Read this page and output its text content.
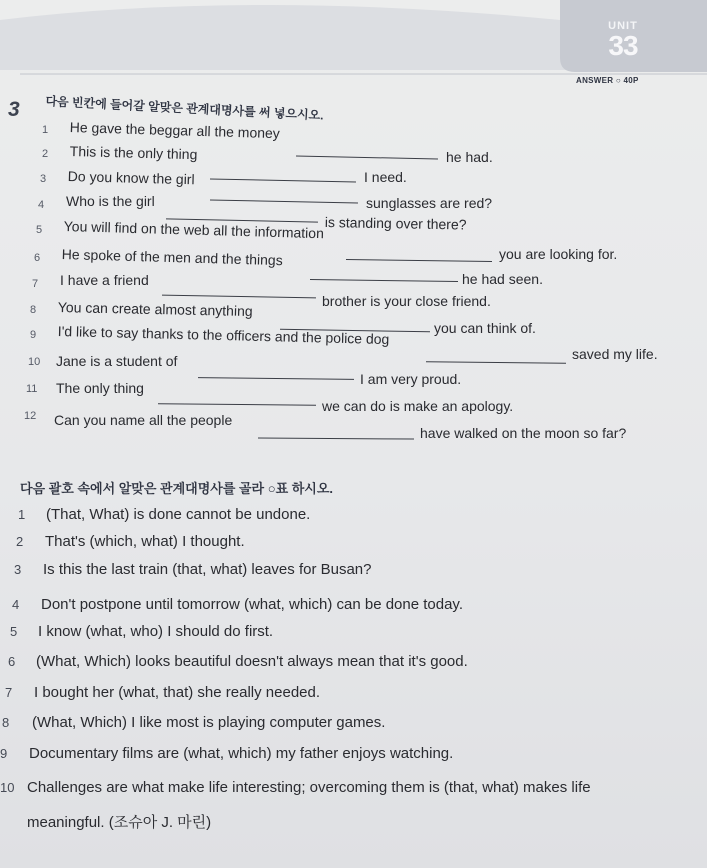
UNIT
33
ANSWER ○ 40P
3 다음 빈칸에 들어갈 알맞은 관계대명사를 써 넣으시오.
1 He gave the beggar all the money
he had.
2 This is the only thing
I need.
3 Do you know the girl
sunglasses are red?
4 Who is the girl
is standing over there?
5 You will find on the web all the information
you are looking for.
6 He spoke of the men and the things
he had seen.
7 I have a friend
brother is your close friend.
8 You can create almost anything
you can think of.
9 I'd like to say thanks to the officers and the police dog
saved my life.
10 Jane is a student of
I am very proud.
11 The only thing
we can do is make an apology.
12 Can you name all the people
have walked on the moon so far?
다음 괄호 속에서 알맞은 관계대명사를 골라 ○표 하시오.
1 (That, What) is done cannot be undone.
2 That's (which, what) I thought.
3 Is this the last train (that, what) leaves for Busan?
4 Don't postpone until tomorrow (what, which) can be done today.
5 I know (what, who) I should do first.
6 (What, Which) looks beautiful doesn't always mean that it's good.
7 I bought her (what, that) she really needed.
8 (What, Which) I like most is playing computer games.
9 Documentary films are (what, which) my father enjoys watching.
10 Challenges are what make life interesting; overcoming them is (that, what) makes life
meaningful. (조슈아 J. 마린)
